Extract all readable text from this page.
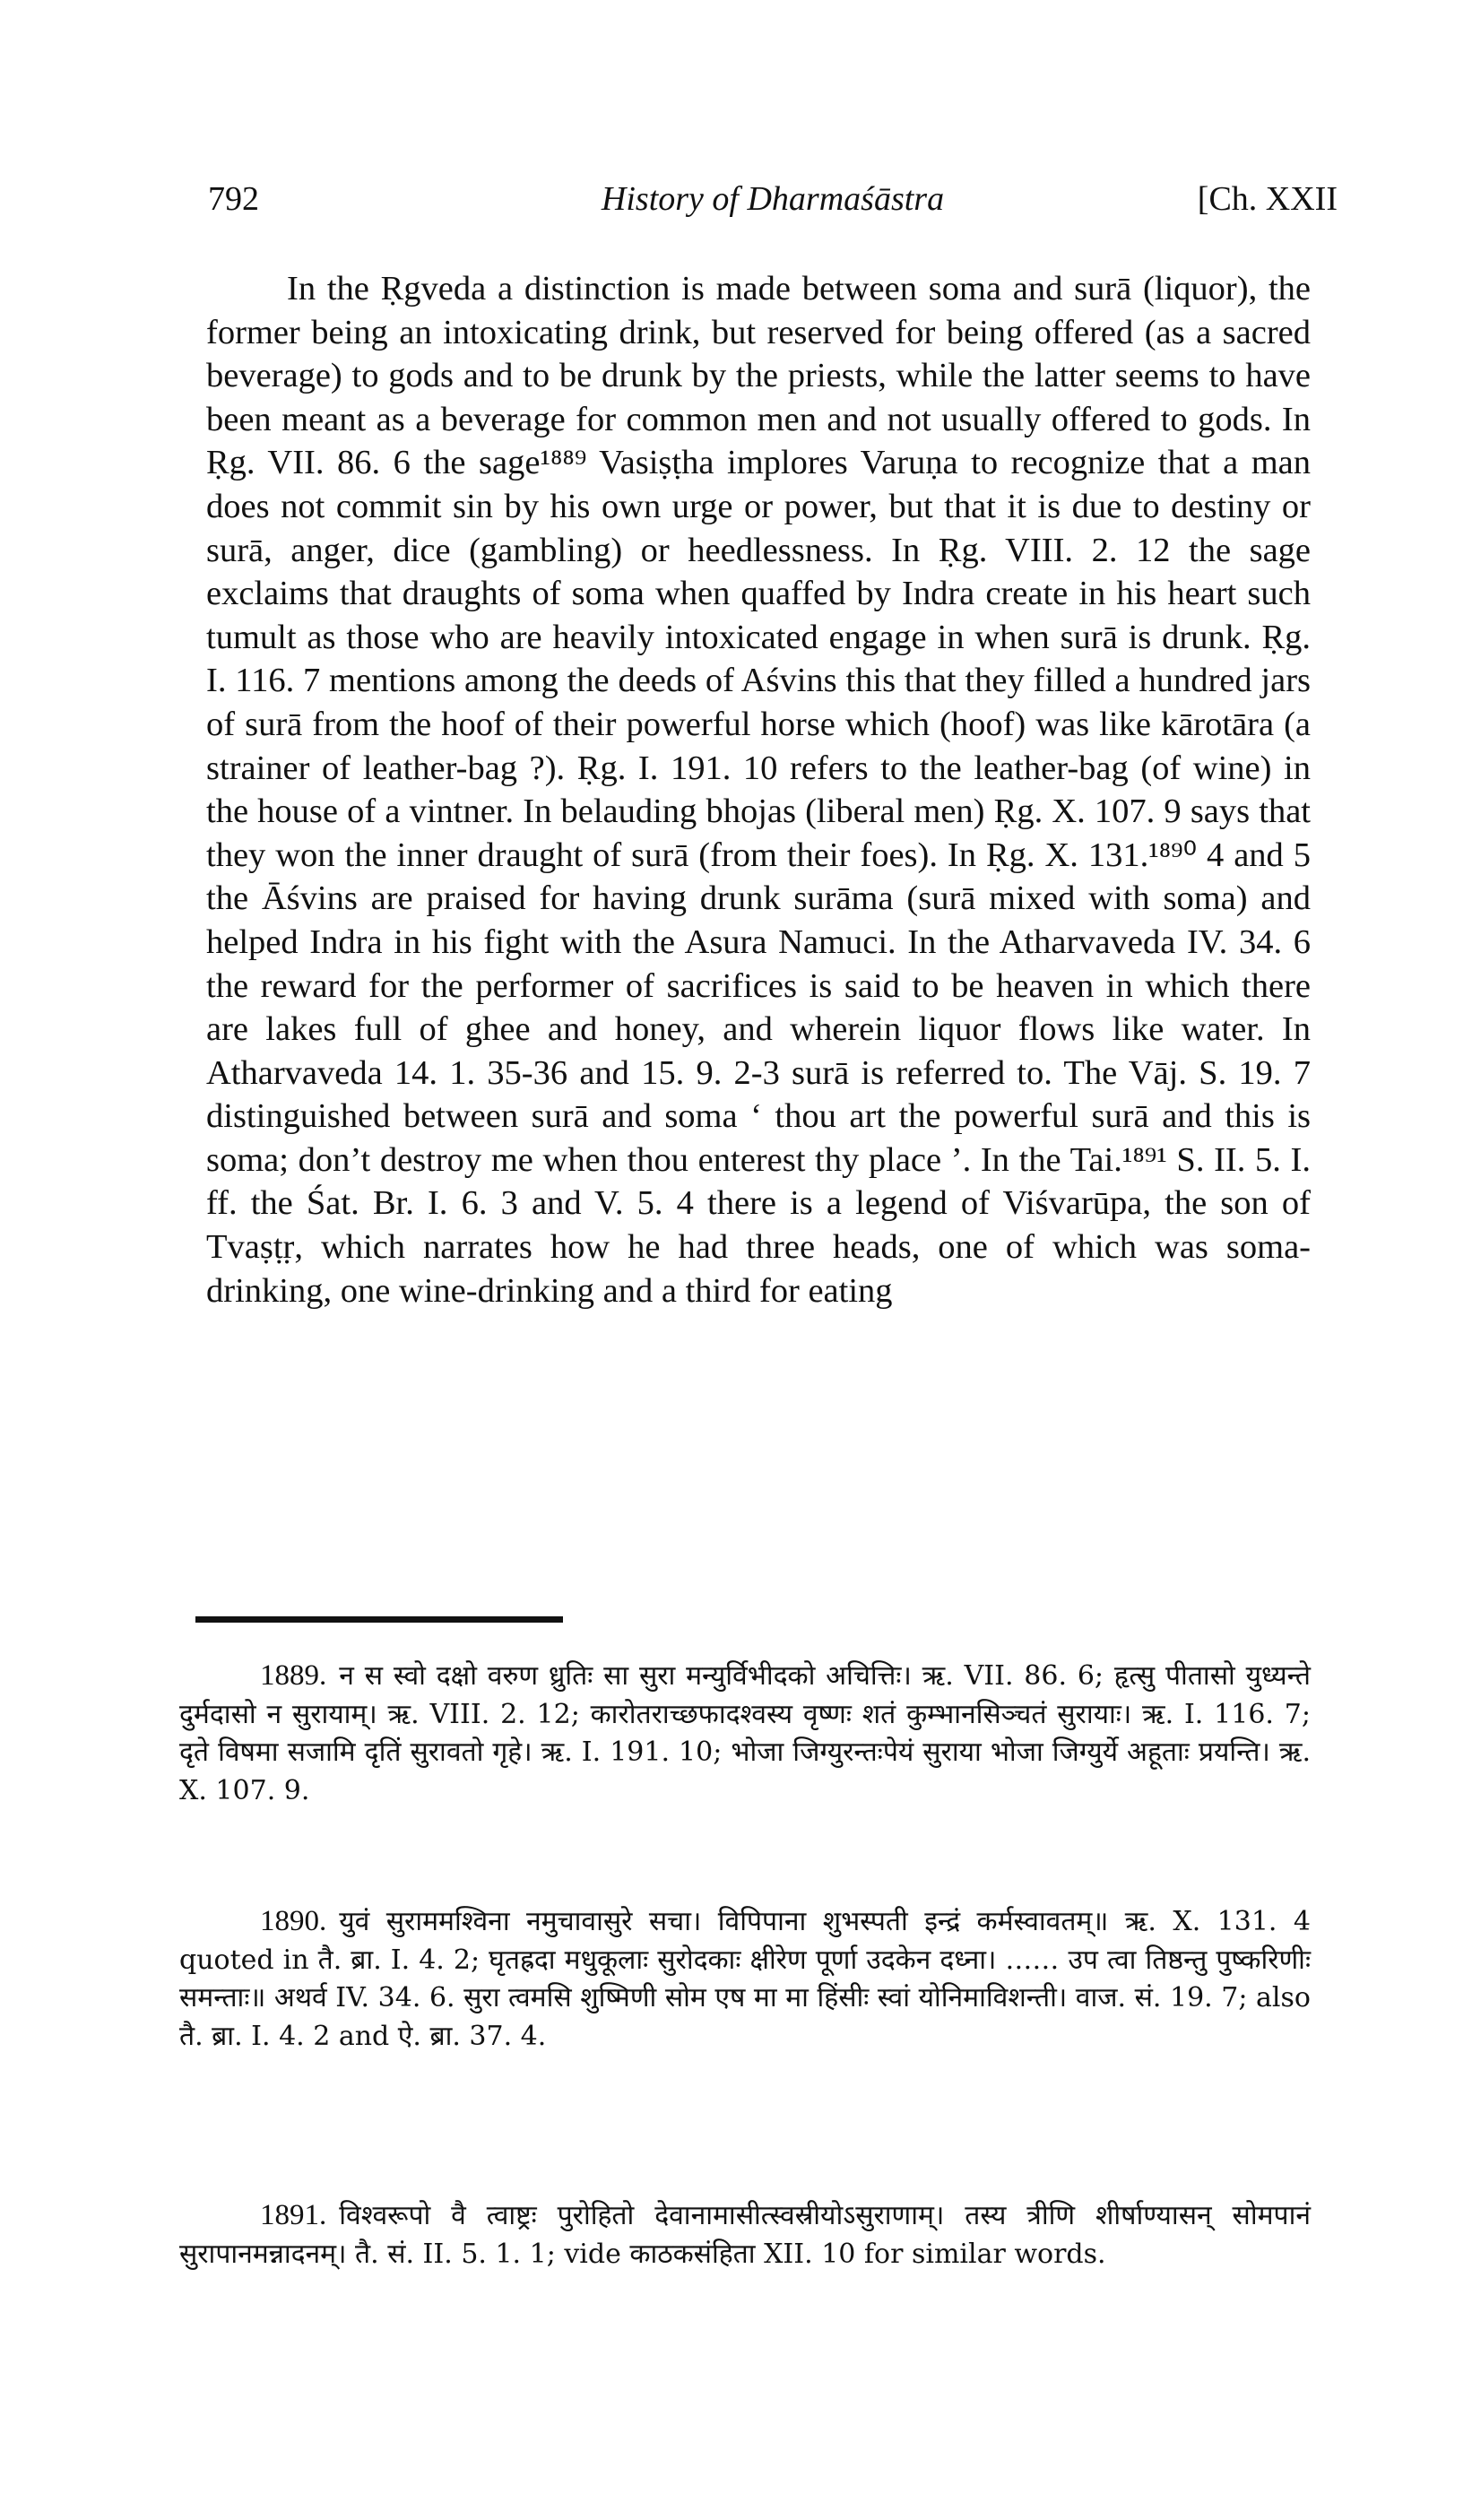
792	History of Dharmaśāstra	[Ch. XXII

In the Ṛgveda a distinction is made between soma and surā (liquor), the former being an intoxicating drink, but reserved for being offered (as a sacred beverage) to gods and to be drunk by the priests, while the latter seems to have been meant as a beverage for common men and not usually offered to gods. In Ṛg. VII. 86. 6 the sage¹⁸⁸⁹ Vasiṣṭha implores Varuṇa to recognize that a man does not commit sin by his own urge or power, but that it is due to destiny or surā, anger, dice (gambling) or heedlessness. In Ṛg. VIII. 2. 12 the sage exclaims that draughts of soma when quaffed by Indra create in his heart such tumult as those who are heavily intoxicated engage in when surā is drunk. Ṛg. I. 116. 7 mentions among the deeds of Aśvins this that they filled a hundred jars of surā from the hoof of their powerful horse which (hoof) was like kārotāra (a strainer of leather-bag ?). Ṛg. I. 191. 10 refers to the leather-bag (of wine) in the house of a vintner. In belauding bhojas (liberal men) Ṛg. X. 107. 9 says that they won the inner draught of surā (from their foes). In Ṛg. X. 131.¹⁸⁹⁰ 4 and 5 the Āśvins are praised for having drunk surāma (surā mixed with soma) and helped Indra in his fight with the Asura Namuci. In the Atharvaveda IV. 34. 6 the reward for the performer of sacrifices is said to be heaven in which there are lakes full of ghee and honey, and wherein liquor flows like water. In Atharvaveda 14. 1. 35-36 and 15. 9. 2-3 surā is referred to. The Vāj. S. 19. 7 distinguished between surā and soma ‘ thou art the powerful surā and this is soma; don’t destroy me when thou enterest thy place ’. In the Tai.¹⁸⁹¹ S. II. 5. I. ff. the Śat. Br. I. 6. 3 and V. 5. 4 there is a legend of Viśvarūpa, the son of Tvaṣṭṛ, which narrates how he had three heads, one of which was soma-drinking, one wine-drinking and a third for eating

1889. न स स्वो दक्षो वरुण ध्रुतिः सा सुरा मन्युर्विभीदको अचित्तिः। ऋ. VII. 86. 6; हृत्सु पीतासो युध्यन्ते दुर्मदासो न सुरायाम्। ऋ. VIII. 2. 12; कारोतराच्छफादश्वस्य वृष्णः शतं कुम्भानसिञ्चतं सुरायाः। ऋ. I. 116. 7; दृते विषमा सजामि दृतिं सुरावतो गृहे। ऋ. I. 191. 10; भोजा जिग्युरन्तःपेयं सुराया भोजा जिग्युर्ये अहूताः प्रयन्ति। ऋ. X. 107. 9.

1890. युवं सुराममश्विना नमुचावासुरे सचा। विपिपाना शुभस्पती इन्द्रं कर्मस्वावतम्॥ ऋ. X. 131. 4 quoted in तै. ब्रा. I. 4. 2; घृतह्रदा मधुकूलाः सुरोदकाः क्षीरेण पूर्णा उदकेन दध्ना। …… उप त्वा तिष्ठन्तु पुष्करिणीः समन्ताः॥ अथर्व IV. 34. 6. सुरा त्वमसि शुष्मिणी सोम एष मा मा हिंसीः स्वां योनिमाविशन्ती। वाज. सं. 19. 7; also तै. ब्रा. I. 4. 2 and ऐ. ब्रा. 37. 4.

1891. विश्वरूपो वै त्वाष्ट्रः पुरोहितो देवानामासीत्स्वस्रीयोऽसुराणाम्। तस्य त्रीणि शीर्षाण्यासन् सोमपानं सुरापानमन्नादनम्। तै. सं. II. 5. 1. 1; vide काठकसंहिता XII. 10 for similar words.
